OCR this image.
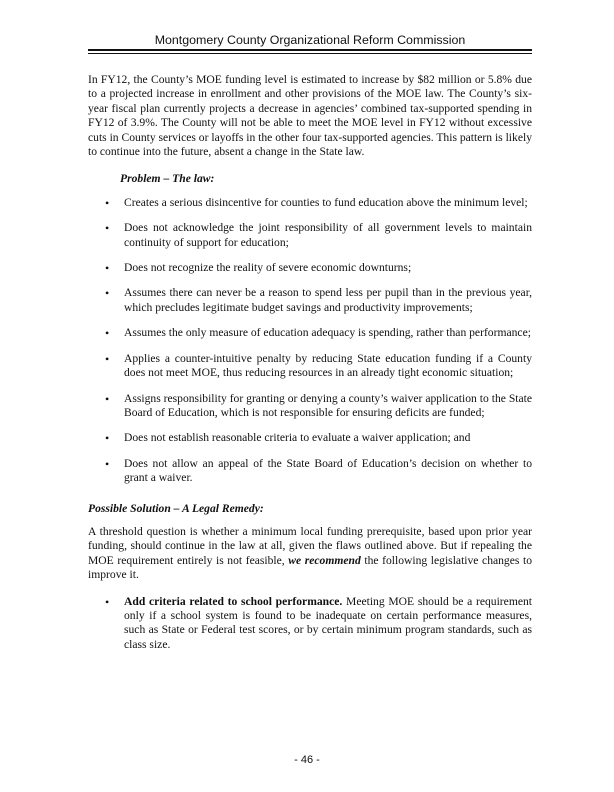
Montgomery County Organizational Reform Commission

In FY12, the County’s MOE funding level is estimated to increase by $82 million or 5.8% due to a projected increase in enrollment and other provisions of the MOE law. The County’s six-year fiscal plan currently projects a decrease in agencies’ combined tax-supported spending in FY12 of 3.9%. The County will not be able to meet the MOE level in FY12 without excessive cuts in County services or layoffs in the other four tax-supported agencies. This pattern is likely to continue into the future, absent a change in the State law.

Problem – The law:
• Creates a serious disincentive for counties to fund education above the minimum level;
• Does not acknowledge the joint responsibility of all government levels to maintain continuity of support for education;
• Does not recognize the reality of severe economic downturns;
• Assumes there can never be a reason to spend less per pupil than in the previous year, which precludes legitimate budget savings and productivity improvements;
• Assumes the only measure of education adequacy is spending, rather than performance;
• Applies a counter-intuitive penalty by reducing State education funding if a County does not meet MOE, thus reducing resources in an already tight economic situation;
• Assigns responsibility for granting or denying a county’s waiver application to the State Board of Education, which is not responsible for ensuring deficits are funded;
• Does not establish reasonable criteria to evaluate a waiver application; and
• Does not allow an appeal of the State Board of Education’s decision on whether to grant a waiver.
Possible Solution – A Legal Remedy:

A threshold question is whether a minimum local funding prerequisite, based upon prior year funding, should continue in the law at all, given the flaws outlined above. But if repealing the MOE requirement entirely is not feasible, we recommend the following legislative changes to improve it.

• Add criteria related to school performance. Meeting MOE should be a requirement only if a school system is found to be inadequate on certain performance measures, such as State or Federal test scores, or by certain minimum program standards, such as class size.
- 46 -
